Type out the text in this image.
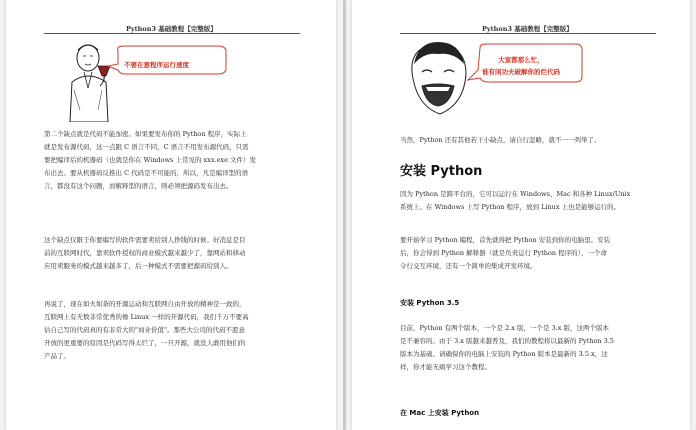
Python3 基础教程【完整版】
不要在意程序运行速度

第二个缺点就是代码不能加密。如果要发布你的 Python 程序，实际上
就是发布源代码，这一点跟 C 语言不同，C 语言不用发布源代码，只需
要把编译后的机器码（也就是你在 Windows 上常见的 xxx.exe 文件）发
布出去。要从机器码反推出 C 代码是不可能的，所以，凡是编译型的语
言，都没有这个问题，而解释型的语言，则必须把源码发布出去。

这个缺点仅限于你要编写的软件需要卖给别人挣钱的时候。好消息是目
前的互联网时代，靠卖软件授权的商业模式越来越少了，靠网站和移动
应用卖服务的模式越来越多了，后一种模式不需要把源码给别人。

再说了，现在如火如荼的开源运动和互联网自由开放的精神是一致的，
互联网上有无数非常优秀的像 Linux 一样的开源代码，我们千万不要高
估自己写的代码真的有非常大的"商业价值"。那些大公司的代码不愿意
开放的更重要的原因是代码写得太烂了，一旦开源，就没人敢用他们的
产品了。

Python3 基础教程【完整版】
大家都那么忙，
谁有闲功夫破解你的烂代码

当然，Python 还有其他若干小缺点，请自行忽略，就不一一列举了。

安装 Python

因为 Python 是跨平台的，它可以运行在 Windows、Mac 和各种 Linux/Unix
系统上。在 Windows 上写 Python 程序，放到 Linux 上也是能够运行的。

要开始学习 Python 编程，首先就得把 Python 安装到你的电脑里。安装
后，你会得到 Python 解释器（就是负责运行 Python 程序的），一个命
令行交互环境，还有一个简单的集成开发环境。

安装 Python 3.5

目前，Python 有两个版本，一个是 2.x 版，一个是 3.x 版，这两个版本
是不兼容的。由于 3.x 版越来越普及，我们的教程将以最新的 Python 3.5
版本为基础。请确保你的电脑上安装的 Python 版本是最新的 3.5.x，这
样，你才能无痛学习这个教程。

在 Mac 上安装 Python
